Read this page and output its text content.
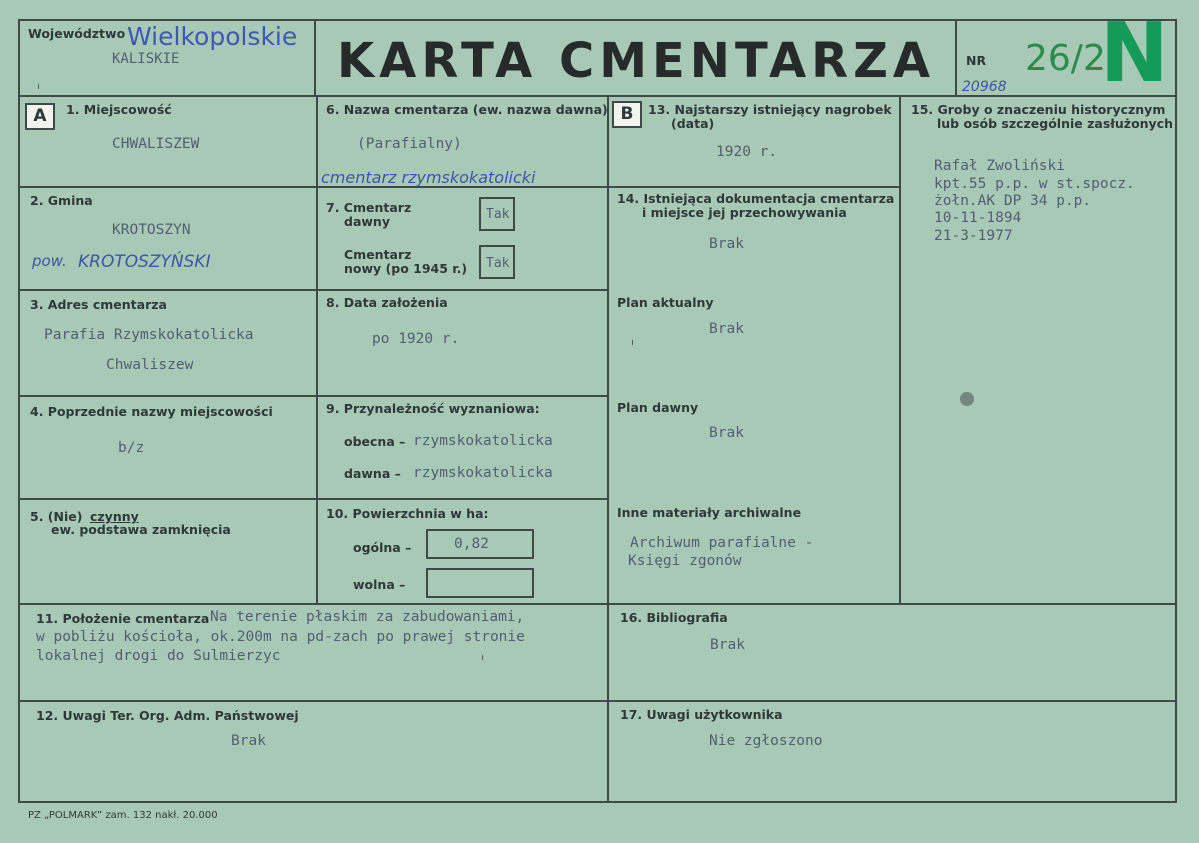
Województwo Wielkopolskie
KALISKIE	KARTA CMENTARZA	NR 26/2
20968 N
A	B
1. Miejscowość
CHWALISZEW
2. Gmina
KROTOSZYN
pow. KROTOSZYŃSKI
3. Adres cmentarza
Parafia Rzymskokatolicka
Chwaliszew
4. Poprzednie nazwy miejscowości
b/z
5. (Nie) czynny
ew. podstawa zamknięcia
6. Nazwa cmentarza (ew. nazwa dawna)
(Parafialny)
cmentarz rzymskokatolicki
7. Cmentarz
dawny	Tak
Cmentarz
nowy (po 1945 r.) Tak
8. Data założenia
po 1920 r.
9. Przynależność wyznaniowa:
obecna – rzymskokatolicka
dawna – rzymskokatolicka
10. Powierzchnia w ha:
ogólna –	0,82
wolna –
13. Najstarszy istniejący nagrobek
(data)
1920 r.
14. Istniejąca dokumentacja cmentarza
i miejsce jej przechowywania
Brak
Plan aktualny
Brak
Plan dawny
Brak
Inne materiały archiwalne
Archiwum parafialne -
Księgi zgonów
15. Groby o znaczeniu historycznym
lub osób szczególnie zasłużonych
Rafał Zwoliński
kpt.55 p.p. w st.spocz.
żołn.AK DP 34 p.p.
10-11-1894
21-3-1977
11. Położenie cmentarza Na terenie płaskim za zabudowaniami,
w pobliżu kościoła, ok.200m na pd-zach po prawej stronie
lokalnej drogi do Sulmierzyc
12. Uwagi Ter. Org. Adm. Państwowej
Brak
16. Bibliografia
Brak
17. Uwagi użytkownika
Nie zgłoszono
PZ „POLMARK” zam. 132 nakł. 20.000
